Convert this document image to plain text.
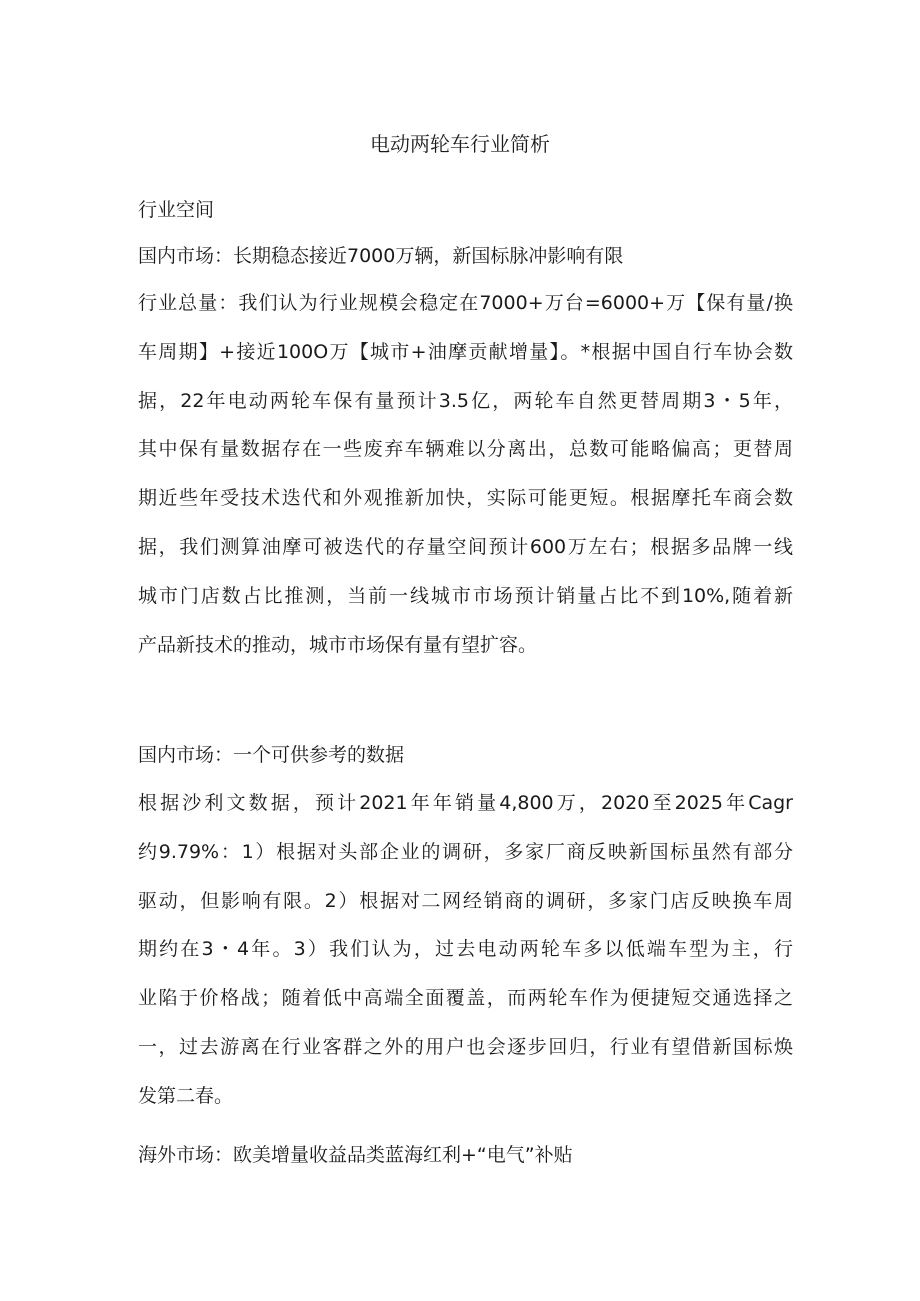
电动两轮车行业简析

行业空间

国内市场：长期稳态接近7000万辆，新国标脉冲影响有限

行业总量：我们认为行业规模会稳定在7000+万台=6000+万【保有量/换
车周期】+接近100O万【城市+油摩贡献增量】。*根据中国自行车协会数
据，22年电动两轮车保有量预计3.5亿，两轮车自然更替周期3・5年，
其中保有量数据存在一些废弃车辆难以分离出，总数可能略偏高；更替周
期近些年受技术迭代和外观推新加快，实际可能更短。根据摩托车商会数
据，我们测算油摩可被迭代的存量空间预计600万左右；根据多品牌一线
城市门店数占比推测，当前一线城市市场预计销量占比不到10%,随着新
产品新技术的推动，城市市场保有量有望扩容。

国内市场：一个可供参考的数据

根据沙利文数据，预计2021年年销量4,800万，2020至2025年Cagr
约9.79%：1）根据对头部企业的调研，多家厂商反映新国标虽然有部分
驱动，但影响有限。2）根据对二网经销商的调研，多家门店反映换车周
期约在3・4年。3）我们认为，过去电动两轮车多以低端车型为主，行
业陷于价格战；随着低中高端全面覆盖，而两轮车作为便捷短交通选择之
一，过去游离在行业客群之外的用户也会逐步回归，行业有望借新国标焕
发第二春。

海外市场：欧美增量收益品类蓝海红利+“电气”补贴
